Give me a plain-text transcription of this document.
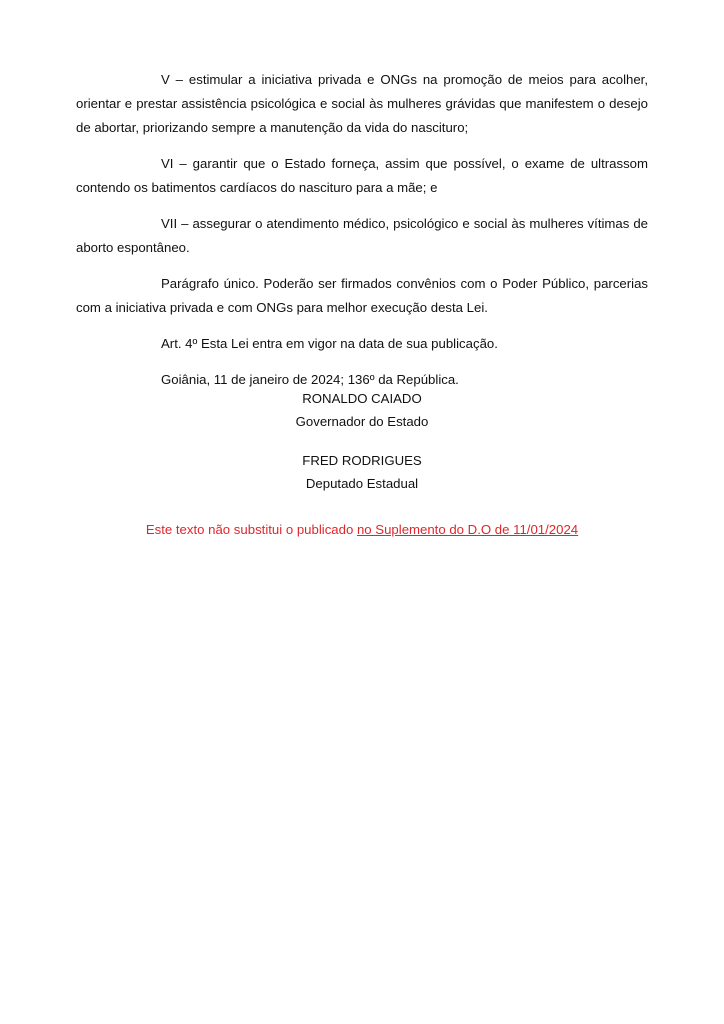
V – estimular a iniciativa privada e ONGs na promoção de meios para acolher, orientar e prestar assistência psicológica e social às mulheres grávidas que manifestem o desejo de abortar, priorizando sempre a manutenção da vida do nascituro;

VI – garantir que o Estado forneça, assim que possível, o exame de ultrassom contendo os batimentos cardíacos do nascituro para a mãe; e

VII – assegurar o atendimento médico, psicológico e social às mulheres vítimas de aborto espontâneo.

Parágrafo único. Poderão ser firmados convênios com o Poder Público, parcerias com a iniciativa privada e com ONGs para melhor execução desta Lei.

Art. 4º Esta Lei entra em vigor na data de sua publicação.

Goiânia, 11 de janeiro de 2024; 136º da República.

RONALDO CAIADO
Governador do Estado
FRED RODRIGUES
Deputado Estadual
Este texto não substitui o publicado no Suplemento do D.O de 11/01/2024
